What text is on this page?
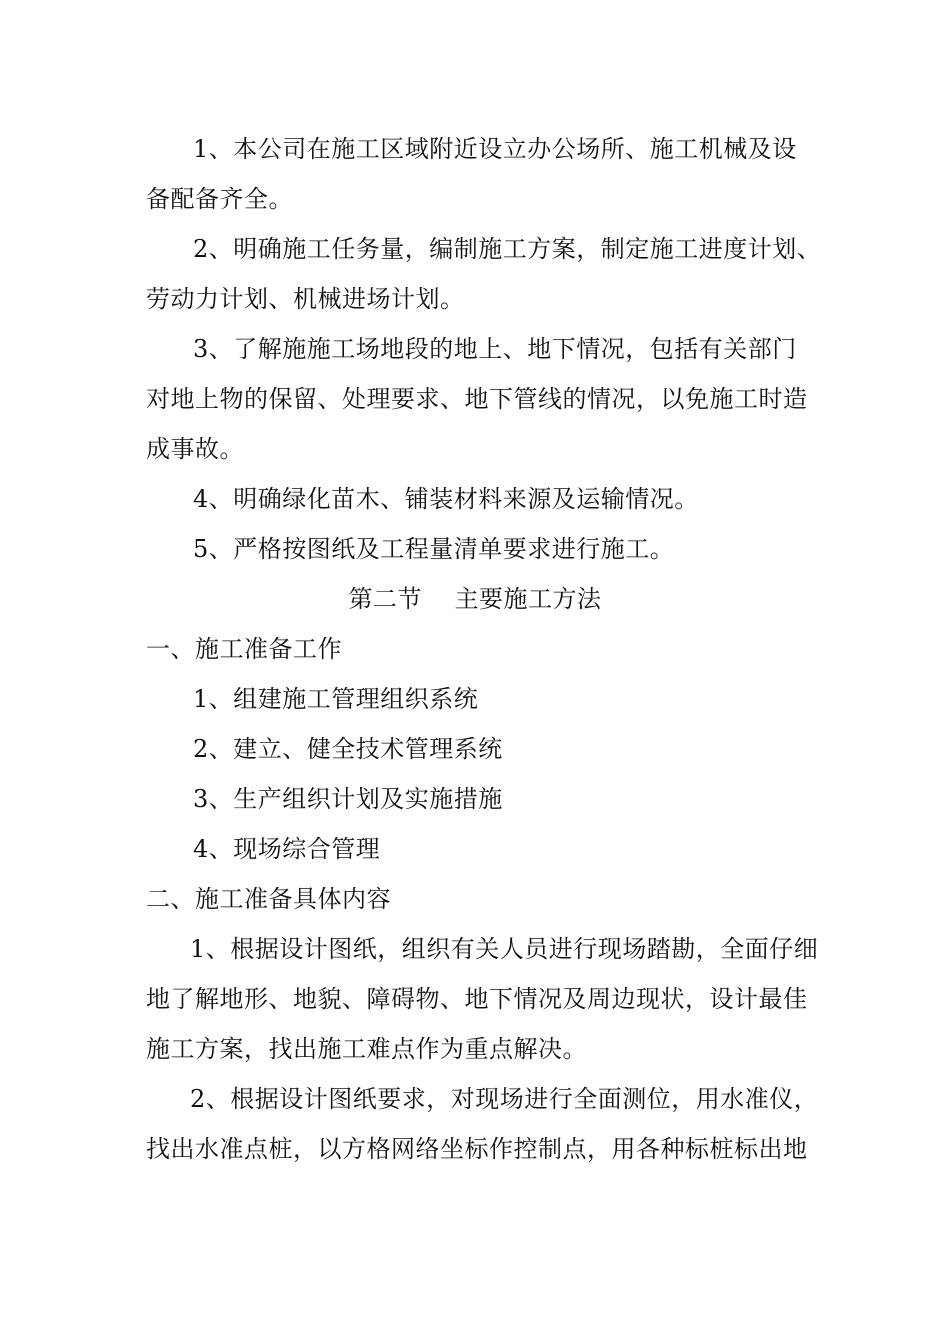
1、本公司在施工区域附近设立办公场所、施工机械及设
备配备齐全。
2、明确施工任务量，编制施工方案，制定施工进度计划、
劳动力计划、机械进场计划。
3、了解施施工场地段的地上、地下情况，包括有关部门
对地上物的保留、处理要求、地下管线的情况，以免施工时造
成事故。
4、明确绿化苗木、铺装材料来源及运输情况。
5、严格按图纸及工程量清单要求进行施工。
第二节    主要施工方法
一、施工准备工作
1、组建施工管理组织系统
2、建立、健全技术管理系统
3、生产组织计划及实施措施
4、现场综合管理
二、施工准备具体内容
1、根据设计图纸，组织有关人员进行现场踏勘，全面仔细
地了解地形、地貌、障碍物、地下情况及周边现状，设计最佳
施工方案，找出施工难点作为重点解决。
2、根据设计图纸要求，对现场进行全面测位，用水准仪，
找出水准点桩，以方格网络坐标作控制点，用各种标桩标出地
